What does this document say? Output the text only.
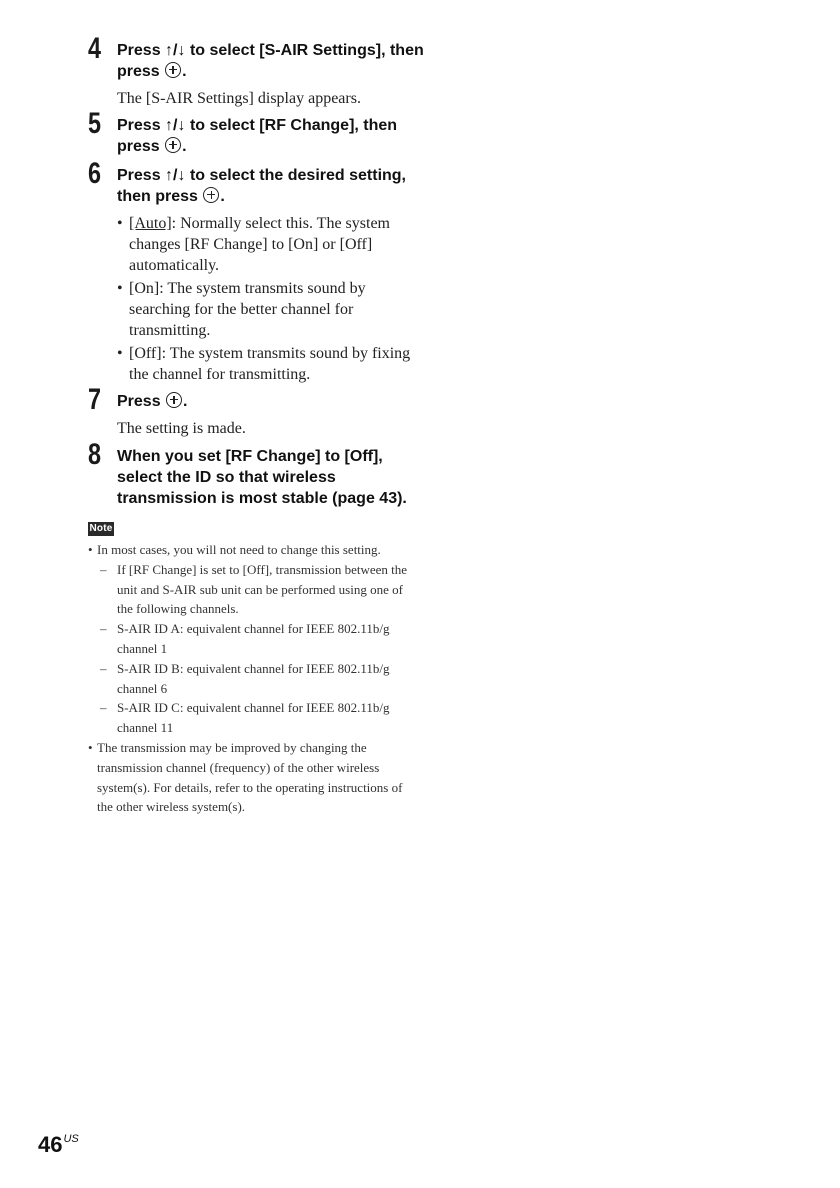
4 Press ↑/↓ to select [S-AIR Settings], then press .
The [S-AIR Settings] display appears.
5 Press ↑/↓ to select [RF Change], then press .
6 Press ↑/↓ to select the desired setting, then press .
• [Auto]: Normally select this. The system changes [RF Change] to [On] or [Off] automatically.
• [On]: The system transmits sound by searching for the better channel for transmitting.
• [Off]: The system transmits sound by fixing the channel for transmitting.
7 Press .
The setting is made.
8 When you set [RF Change] to [Off], select the ID so that wireless transmission is most stable (page 43).
Note
• In most cases, you will not need to change this setting.
– If [RF Change] is set to [Off], transmission between the unit and S-AIR sub unit can be performed using one of the following channels.
– S-AIR ID A: equivalent channel for IEEE 802.11b/g channel 1
– S-AIR ID B: equivalent channel for IEEE 802.11b/g channel 6
– S-AIR ID C: equivalent channel for IEEE 802.11b/g channel 11
• The transmission may be improved by changing the transmission channel (frequency) of the other wireless system(s). For details, refer to the operating instructions of the other wireless system(s).
$46^{US}$
